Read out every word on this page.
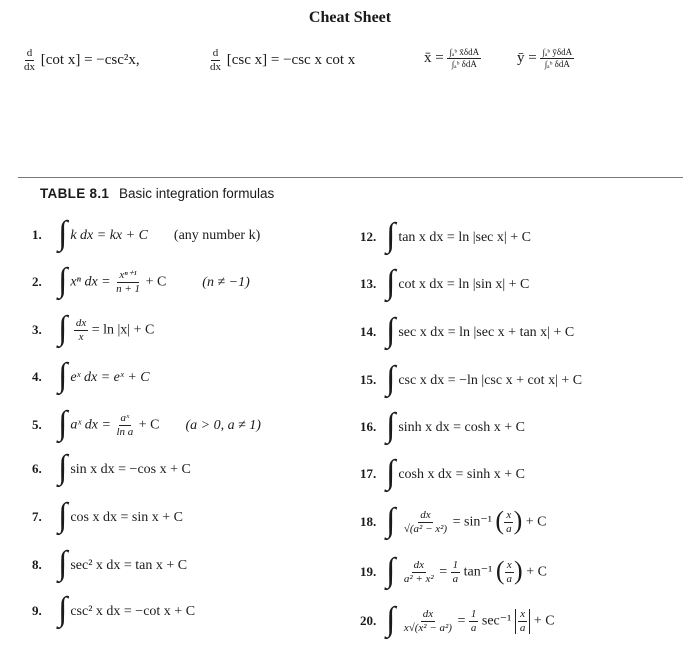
Cheat Sheet
$\frac{d}{dx} [\cot$ x] = −csc²x,	$\frac{d}{dx} [\csc$ x] = −csc x cot x	x̄ = $\frac{\text{∫ₐᵇ x̄δdA}}{\text{∫ₐᵇ δdA}}$ ȳ = $\frac{\text{∫ₐᵇ ȳδdA}}{\text{∫ₐᵇ δdA}}$
TABLE 8.1 Basic integration formulas
1. ∫ k dx = kx + C (any number k)
2. ∫ xⁿ dx = $\frac{\text{xⁿ⁺¹}}{n + 1} + C$	(n ≠ −1)
3. ∫ $\frac{dx}{x} = \ln |x| + C$
4. ∫ eˣ dx = eˣ + C
5. ∫ aˣ dx = $\frac{\text{aˣ}}{\text{ln a}} + C$ (a > 0, a ≠ 1)
6. ∫ sin x dx = −cos x + C
7. ∫ cos x dx = sin x + C
8. ∫ sec² x dx = tan x + C
9. ∫ csc² x dx = −cot x + C
12. ∫ tan x dx = ln |sec x| + C
13. ∫ cot x dx = ln |sin x| + C
14. ∫ sec x dx = ln |sec x + tan x| + C
15. ∫ csc x dx = −ln |csc x + cot x| + C
16. ∫ sinh x dx = cosh x + C
17. ∫ cosh x dx = sinh x + C
18. ∫ $\frac{dx}{\text{√(a² − x²)}} = \sin^{-1}$ ( $\frac{x}{a}$ ) + C
19. ∫ $\frac{dx}{\text{a² + x²}} = \frac{1}{a} \tan^{-1}$ ( $\frac{x}{a}$ ) + C
20. ∫ $\frac{dx}{\text{x√(x² − a²)}} = \frac{1}{a} \sec^{-1} \frac{x}{a} + C$
